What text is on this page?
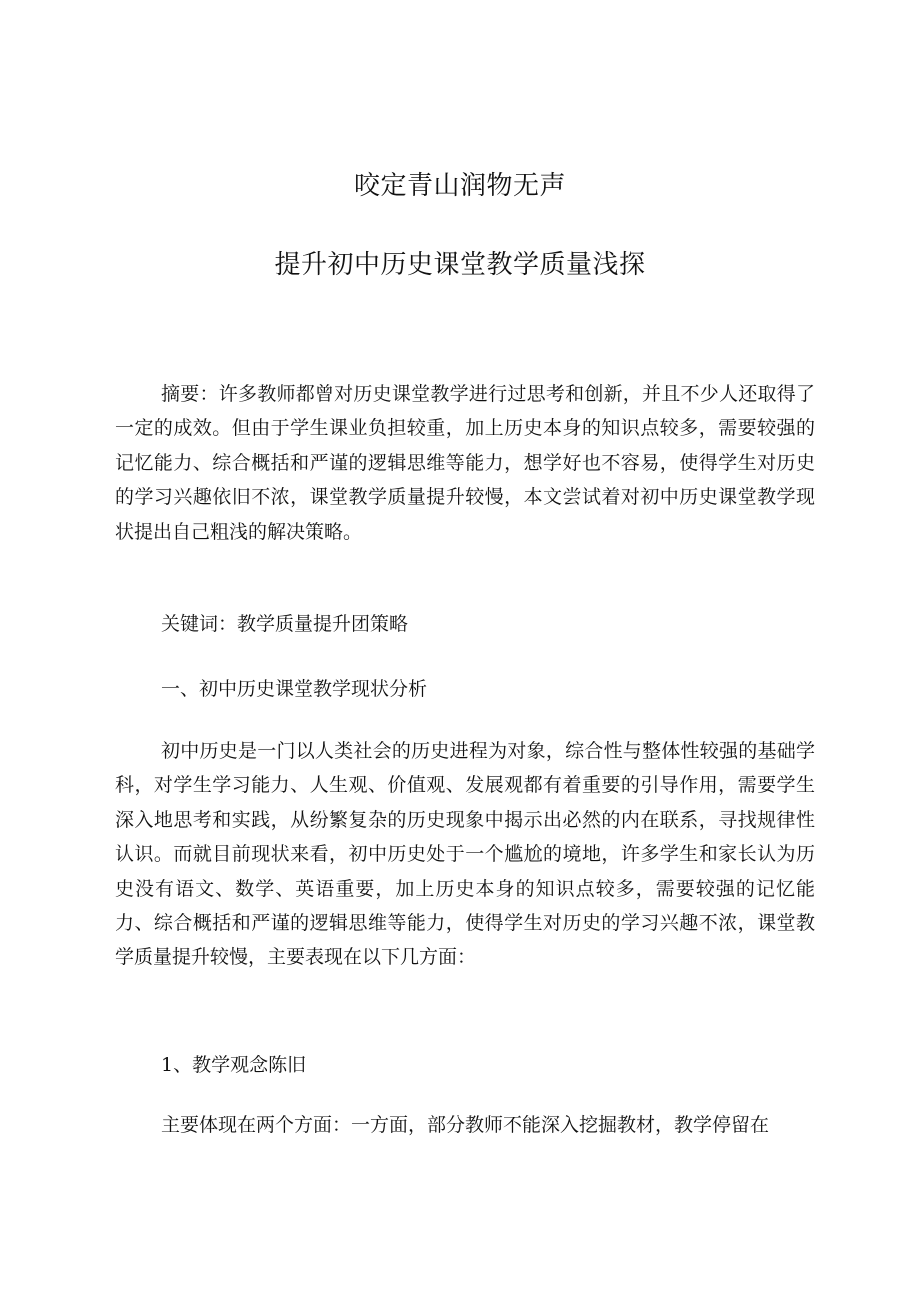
咬定青山润物无声
提升初中历史课堂教学质量浅探
摘要：许多教师都曾对历史课堂教学进行过思考和创新，并且不少人还取得了一定的成效。但由于学生课业负担较重，加上历史本身的知识点较多，需要较强的记忆能力、综合概括和严谨的逻辑思维等能力，想学好也不容易，使得学生对历史的学习兴趣依旧不浓，课堂教学质量提升较慢，本文尝试着对初中历史课堂教学现状提出自己粗浅的解决策略。
关键词：教学质量提升团策略
一、初中历史课堂教学现状分析
初中历史是一门以人类社会的历史进程为对象，综合性与整体性较强的基础学科，对学生学习能力、人生观、价值观、发展观都有着重要的引导作用，需要学生深入地思考和实践，从纷繁复杂的历史现象中揭示出必然的内在联系，寻找规律性认识。而就目前现状来看，初中历史处于一个尴尬的境地，许多学生和家长认为历史没有语文、数学、英语重要，加上历史本身的知识点较多，需要较强的记忆能力、综合概括和严谨的逻辑思维等能力，使得学生对历史的学习兴趣不浓，课堂教学质量提升较慢，主要表现在以下几方面：
1、教学观念陈旧
主要体现在两个方面：一方面，部分教师不能深入挖掘教材，教学停留在
